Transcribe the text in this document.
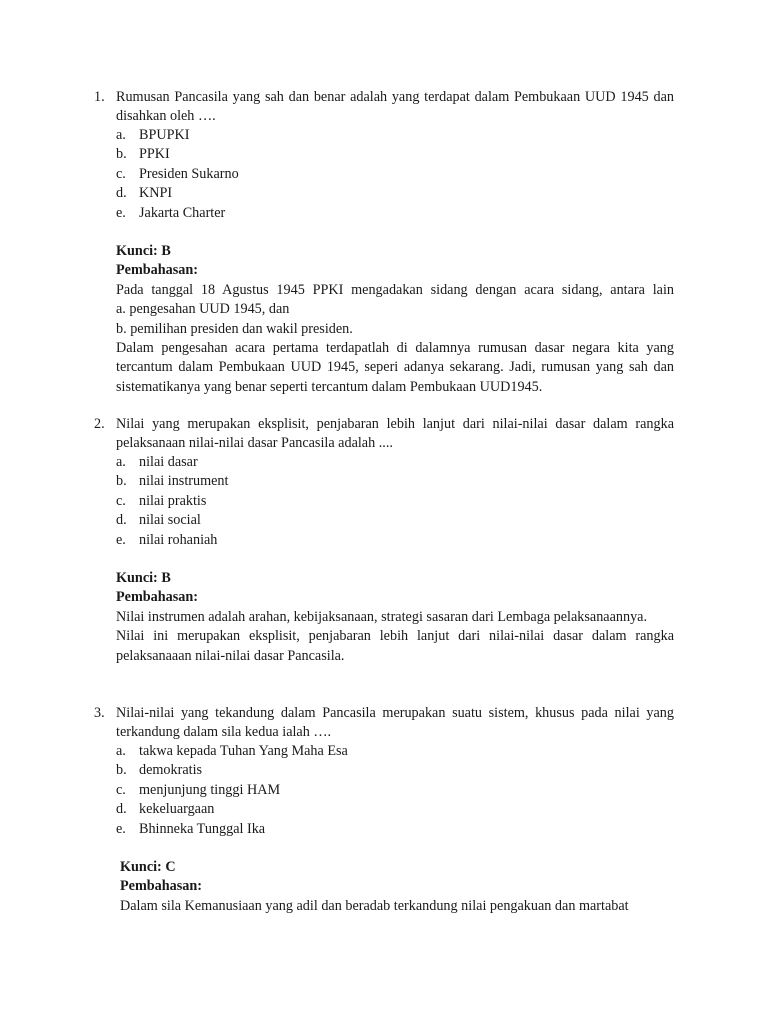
1. Rumusan Pancasila yang sah dan benar adalah yang terdapat dalam Pembukaan UUD 1945 dan disahkan oleh ….
a. BPUPKI
b. PPKI
c. Presiden Sukarno
d. KNPI
e. Jakarta Charter
Kunci: B
Pembahasan:
Pada tanggal 18 Agustus 1945 PPKI mengadakan sidang dengan acara sidang, antara lain
a. pengesahan UUD 1945, dan
b. pemilihan presiden dan wakil presiden.
Dalam pengesahan acara pertama terdapatlah di dalamnya rumusan dasar negara kita yang tercantum dalam Pembukaan UUD 1945, seperi adanya sekarang. Jadi, rumusan yang sah dan sistematikanya yang benar seperti tercantum dalam Pembukaan UUD1945.
2. Nilai yang merupakan eksplisit, penjabaran lebih lanjut dari nilai-nilai dasar dalam rangka pelaksanaan nilai-nilai dasar Pancasila adalah ....
a. nilai dasar
b. nilai instrument
c. nilai praktis
d. nilai social
e. nilai rohaniah
Kunci: B
Pembahasan:
Nilai instrumen adalah arahan, kebijaksanaan, strategi sasaran dari Lembaga pelaksanaannya.
Nilai ini merupakan eksplisit, penjabaran lebih lanjut dari nilai-nilai dasar dalam rangka pelaksanaaan nilai-nilai dasar Pancasila.
3. Nilai-nilai yang tekandung dalam Pancasila merupakan suatu sistem, khusus pada nilai yang terkandung dalam sila kedua ialah ….
a. takwa kepada Tuhan Yang Maha Esa
b. demokratis
c. menjunjung tinggi HAM
d. kekeluargaan
e. Bhinneka Tunggal Ika
Kunci: C
Pembahasan:
Dalam sila Kemanusiaan yang adil dan beradab terkandung nilai pengakuan dan martabat
